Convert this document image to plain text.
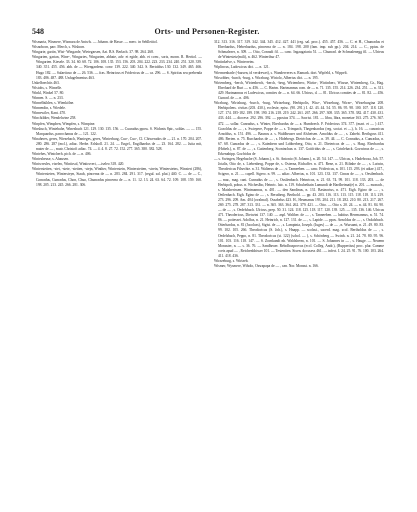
548	Orts- und Personen-Register.

Wismaria, Wismere, Wismara de Antwls. — Johann. de Hasse. — merc. in Sehlletitol.

Wisnoborn, parr. Merch, s. Wisborn.

Wingarte, gartin, Wist- Wingarde, Wietegarsen, Aat. B.S. Berlach. 37. 98. 264. 268.

Wingarten, gartan, Wine-, Wingartes, Wingarten, abbate, adv. et egide, abb. et conv., sorts, monn. R. Hertiol. — Wingarten. Kiesele. 33. 34. 60. 68. 72. 106. 108. 135. 153. 156. 203. 204. 222. 223. 233. 234. 240. 251. 320. 339. 340. 351. 455. 456. abb. de — Wiengardeno. conv. 139. 222. 340. 342. S. Bertoldus 130. 132. 349. 465. 466. Hugo 182. — Salaeitoso de — 26. 536. — fras. Heinricus et Fridericus de — ca. 296. — S. Spiritus seu prebenda 183. 486. 487. 488. Unfugelmentus 463.

Unkelbrechtis 463.

Wistohs, s. Wimelle.

Winkl, Winkel 57. 80.

Winnen. S. — n. 233.

Winnelbühlen, s. Wienkölne.

Winnendin, s. Wiedele.

Winnewiler, Kant. 470.

Winchildier, Wendelwine 258.

Winpfen, Wimphen, Wimpfen, s. Wimpine.

Winsbuch, Wintebuhe, Winesbuch 121. 129. 130. 135. 156. — Cuuradus pposs. S. Widonis 8pir., soldas. — — 155. Marquardus, parrochanus de — 121. 122.

Winaheres, geres, Wiezebach, Wanieges, geres, Winterburg, Cuo-, Cuo-, Cl. Chiwerados de — 21. n. 170. 204. 207. 280. 286. 287 (mcl.), adiac. Herbe. Erlsholl. 21. 24. — Engel., Engilbardus de — 23. 164. 282. — Jutta mit, mater de — , mutr. Christofi adiac. 74. — 4. 4. 8. 27. 72. 152. 277. 365. 380. 382. 528.

Wintehes, Wintcherh. pich. de — n. 406.

Wintesheuse, s. Ahausen.

Wintwresles, viseleo, Wintirsol, Wintirsveri, —iseleo 318. 420.

Winterstetten, -stet, -stete, -stetten, -stejn, Winther, Winterstein, Winterstetten, -strein, Wintersteins, Winsteri (286), Wintersteten, Wintersteyn, Staub, pincerna de — n. 283. 284. 291. 317. (regul. sal. plut.) 440. C. — de — C., Conradus, Cunradus, Chon, Chuo, Chunradus pincerna de — n. 11. 12. 13. 24. 63. 64. 72. 109. 108. 159. 160. 198. 205. 213. 245. 266. 281. 306.

312. 313. 316. 317. 319. 342. 344. 345. 412. 427. 441 (reg. sal. proc.). 455. 457. 456. — C. et H., Chunradus et Eberhardus, Heberhardus, pincerna de — n. 184. 198. 200 (fam. imp. sub pp.). 204. 214. — C., pptus. de Schmalezer, n. 309. — Otto, Conradi fil. — canc. Ingaugaiaria 51. — Chunrad. de Schmalenegg fil. — Ulrieus de Wintestetz(mili), n. 462. Winterthur 47.

Wintinkelve, s. Winterreim.

Wiplincus, Ludowicus dict. — n. 121.

Wiermenbarle (-barsen, id verdrewet), s. Wanderveres n. Ramark. dort. Wipfeld, s. Wippelt.

Wirsobber, -burch, -burg, s. Wirzburg. Wiriolo, Albertus dict. — n. 195.

Wirtemberg, -berch, Wirtenberch, -berch, -berg, Wirtemberc, Wirtin-, Wirtinberc, Wirzue, Wirtemberg, Gr., Hag. Eberhard de Burt — n. 456. — C. Hartm. Hartmannus com. de — n. 71. 135. 155. 214. 226. 234. 251. — n. 311. 429. Hartmannus et Ludewicus, comites de — n. 64. 66. Ulricus, d. — 81. Ulricus comites de — 81. 82. — 456. Cunrad. de — n. 406.

Wirzburg, Wirtzburg, -burch, -burg, Wirtzeburg, Herbipolis, Wirz-, Wirzeburg, Wirze-, Wirzeburgina 208. Herbipolens. civitas (203. 430.), ecclesie, episc. (90. 291.) I. 42. 43. 44. 54. 55. 86. 95. 98. 100. 107. 118. 120. 127. 174. 185-182. 189. 198. 190. 216. 218. 219. 242. 261. 267. 266. 297. 308. 335. 365. 378. 382. 417. 430. 431. 433. 444. — diocese. 292. 296. 392. — ppostus 374. — Sacrist. 181. — libra, libra, monetae 163. 275. 276. 367. 472. — sollar. Cunradus, s. Winter, Eberhardus de — a. Humbrech. F. Fridericus 374. 377. (mart. et — ) 417. Gozoldus de — , s. Swiepere, Poppe de — s. Trimpach, Thegenhardus (reg. sociat. et —), h. 16. — canonicus Arnoldus, n. 151. 496. — Bauncu a. s. Waldheuser und Alsheisen. Arnoldus de — , s. Zabebt. Berthgoss 411. 486. Berten. n. 75. Burchardus de — , s. Hidebergr. Dietrichus de — n. 39. 44. — C. Conradus, a. Cunradus, n. 67. 68. Cunradus de — , s. Kaimbern und Lobberberg, Otto, n. 21. Dietericus de — , s. Hasg. Eberhardus (Hobeh.), n. 87. de — , s. Guttenberg. Sconinchan. n. 137. Gottfridus de — , s. Grinleback. Gozwinus de — , s. Erkenabtpp. Gozfridus de

— s. Swingen, Hegebache (S. Johann.), s. St. Antonio (S. Johann.), n. 20. 54. 147. — Ulricus, s. Hadebrosa, Joh. 57. Jotalis, Otto de, s. Liebenberg, Poppe de, s. Osterna, Richaffer. n. 471. Rene, n. 21. Rilinhe de — , s. Lutwin, Theodericus Filsechte. n. 31. Walterus de — , s. Tanneeben. — canc. Fridericus, n. 101. 115. 293. (et adiae.) 417., Scigero, n. 21. — capell. Sigero. n. 99. — adiac. Albertus, n. 101. 123. 133. 137. Cinras de — , s. Oesilenbach. — mar., mag. cant. Cunradus de — , s. Ossilenbach. Heinricus, n. 21. 63. 74. 99. 101. 118. 133. 203. — de Herbipoli, pobus. n. Wicheslbo, Heinric. laic. n. 119. Schuhethain Lamundi de Hardheimat(e) n. 201. — monach., s. Maisberissen. Wintmannus, n. 401. — den Sandinus, n. 131. Basinorius, n. 471. Eigh. Egino de — , s. Oeilenbach. Eigh. Egino de — , s. Berutberg. Berthold. — pp. 43. 203. 116. 113. 113. 115. 118. 118. 113. 219. 273. 296. 209. Am. 404 (ovalmal). Ossabelus 423. H., Heumanus 193. 204. 211. 18. 282. 210. 80. 213. 217. 267. 269. 275. 278. 287. 313. 331. — n. 365. 363. 364. 262. 379. 421. — Otto. — Otto s. 20. 24. — n. 44. 81. 84. 90. — de — , s. Oedelsbach. Ulricus, prep. 50. 31. 124. 118. 125. 118. 117. 120. 139. 125. — 135. 136. 146. Ulricus 471. Theodericus, Dietwini 137. 140. — aspl. Walther. de — , s. Tanneeben. — habitus Herrmannus, n. 51. 74. 86. — poitessei. Adolfus, n. 21. Heinrich, n. 127. 131. de — , s. Lapide. — ppos. Arnoldus de — , s. Osdalsbach. Otterhardus, n. 81 (Jacoluss), Sigist. de — , s. Lampinia, Joseph. (Juges) — de — , n. Wursamt, n. 21. 49. 80. 83. 99. 102. 105. 266. Theodoricus (S. Joh.), s. Hnapp. — scolast., sacerd. mag. scol. Bertholdus de — , s. Oedelsbach, Peppo, n. 81. Theodoricus (st. 122) (schol. — ), s. Schönberg — Swinh. n. 21. 24. 78. 80. 95. 96. 101. 103. 116. 118. 147. — S. Zornkandt nb. Waldsherm, n. 101. — S. Johannes in — , s. Hauge. — Neuenn Monaster, n. — s. 36. 76. — Sandheuer. Rebolbusprovus (eccl. Colleg. Andr.), (Ruppertius) proc. plur. Camme cceis apud — , Reichenbhisser 101. — Testeniten. Sixen. docusess 461. — infect. I. 24. 25. 91. 76. 100. 103. 264. 411. 418. 436.

Wirzzeburg, s. Wirtzeb.

Wismer, Wysmere, Wiholo, Ossrapapa de — , can. Nor. Monast. n. 166.
